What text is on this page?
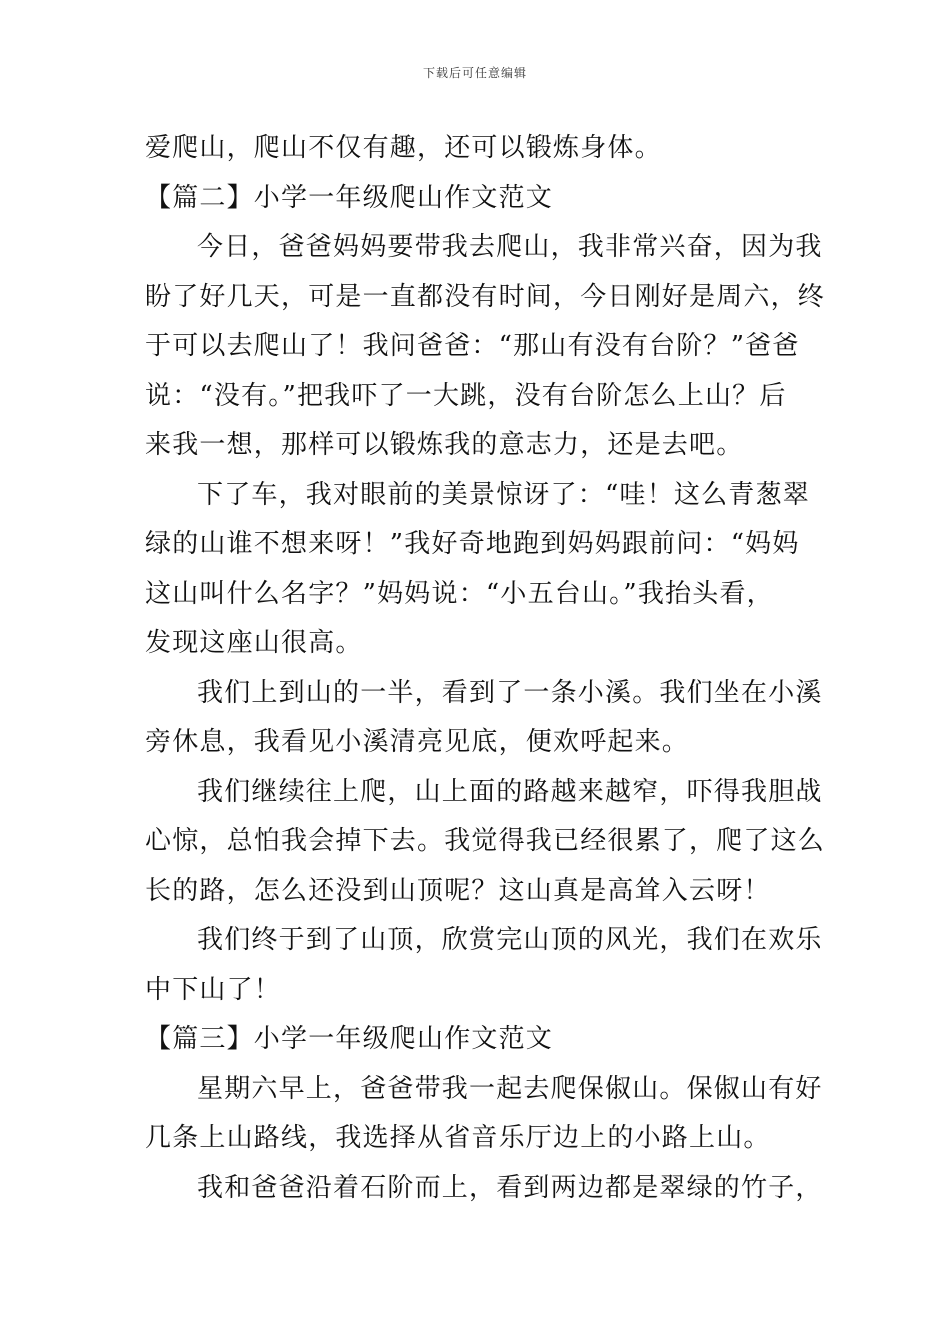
下载后可任意编辑
爱爬山，爬山不仅有趣，还可以锻炼身体。
【篇二】小学一年级爬山作文范文
今日，爸爸妈妈要带我去爬山，我非常兴奋，因为我
盼了好几天，可是一直都没有时间，今日刚好是周六，终
于可以去爬山了！我问爸爸：“那山有没有台阶？”爸爸
说：“没有。”把我吓了一大跳，没有台阶怎么上山？后
来我一想，那样可以锻炼我的意志力，还是去吧。
下了车，我对眼前的美景惊讶了：“哇！这么青葱翠
绿的山谁不想来呀！”我好奇地跑到妈妈跟前问：“妈妈
这山叫什么名字？”妈妈说：“小五台山。”我抬头看，
发现这座山很高。
我们上到山的一半，看到了一条小溪。我们坐在小溪
旁休息，我看见小溪清亮见底，便欢呼起来。
我们继续往上爬，山上面的路越来越窄，吓得我胆战
心惊，总怕我会掉下去。我觉得我已经很累了，爬了这么
长的路，怎么还没到山顶呢？这山真是高耸入云呀！
我们终于到了山顶，欣赏完山顶的风光，我们在欢乐
中下山了！
【篇三】小学一年级爬山作文范文
星期六早上，爸爸带我一起去爬保俶山。保俶山有好
几条上山路线，我选择从省音乐厅边上的小路上山。
我和爸爸沿着石阶而上，看到两边都是翠绿的竹子，
